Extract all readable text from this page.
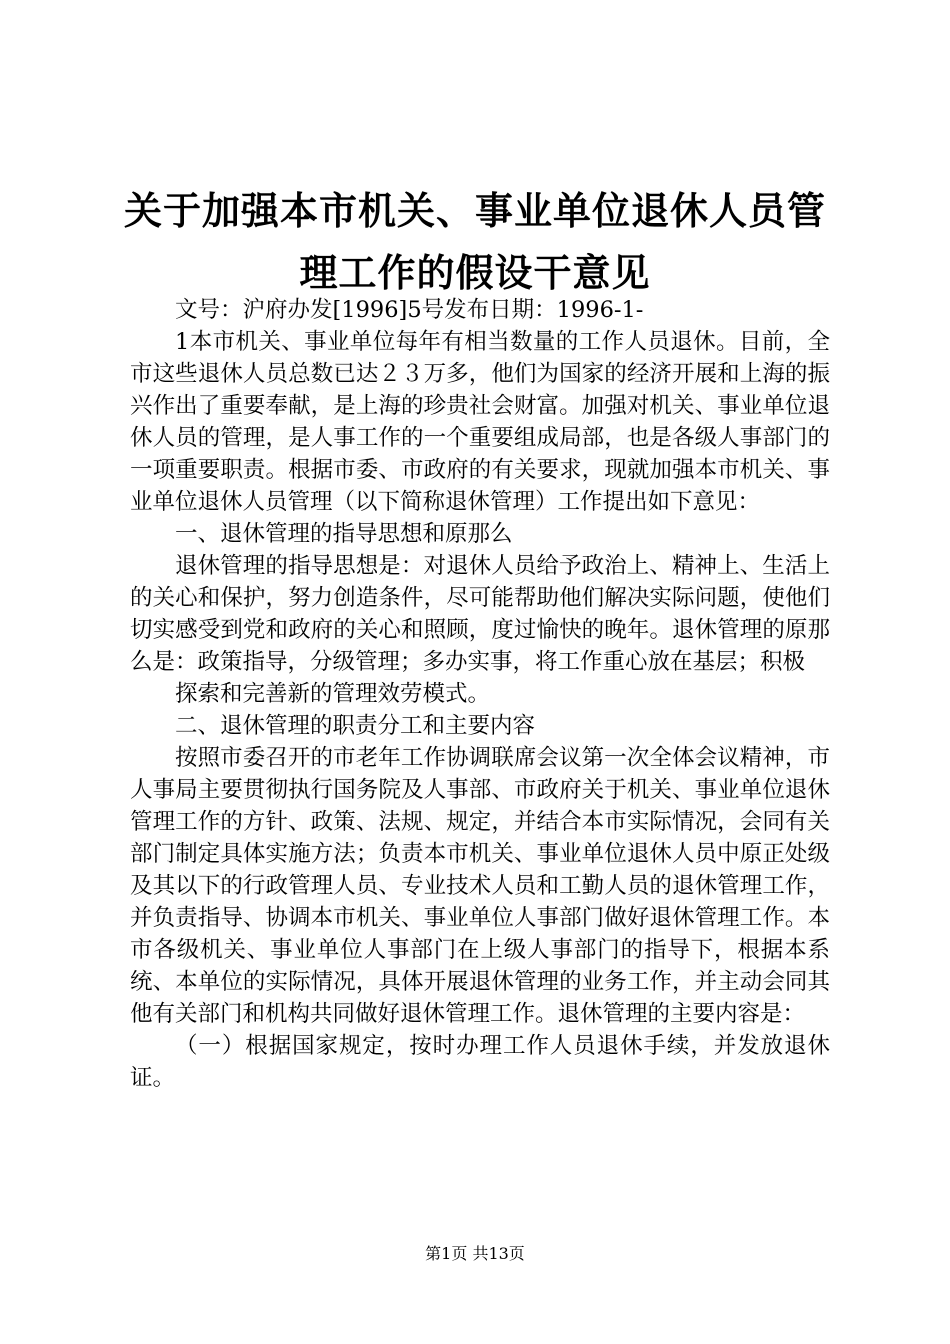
关于加强本市机关、事业单位退休人员管理工作的假设干意见

文号：沪府办发[1996]5号发布日期：1996-1-

1本市机关、事业单位每年有相当数量的工作人员退休。目前，全市这些退休人员总数已达２３万多，他们为国家的经济开展和上海的振兴作出了重要奉献，是上海的珍贵社会财富。加强对机关、事业单位退休人员的管理，是人事工作的一个重要组成局部，也是各级人事部门的一项重要职责。根据市委、市政府的有关要求，现就加强本市机关、事业单位退休人员管理（以下简称退休管理）工作提出如下意见：

一、退休管理的指导思想和原那么

退休管理的指导思想是：对退休人员给予政治上、精神上、生活上的关心和保护，努力创造条件，尽可能帮助他们解决实际问题，使他们切实感受到党和政府的关心和照顾，度过愉快的晚年。退休管理的原那么是：政策指导，分级管理；多办实事，将工作重心放在基层；积极

探索和完善新的管理效劳模式。

二、退休管理的职责分工和主要内容

按照市委召开的市老年工作协调联席会议第一次全体会议精神，市人事局主要贯彻执行国务院及人事部、市政府关于机关、事业单位退休管理工作的方针、政策、法规、规定，并结合本市实际情况，会同有关部门制定具体实施方法；负责本市机关、事业单位退休人员中原正处级及其以下的行政管理人员、专业技术人员和工勤人员的退休管理工作，并负责指导、协调本市机关、事业单位人事部门做好退休管理工作。本市各级机关、事业单位人事部门在上级人事部门的指导下，根据本系统、本单位的实际情况，具体开展退休管理的业务工作，并主动会同其他有关部门和机构共同做好退休管理工作。退休管理的主要内容是：

（一）根据国家规定，按时办理工作人员退休手续，并发放退休证。

第1页 共13页
